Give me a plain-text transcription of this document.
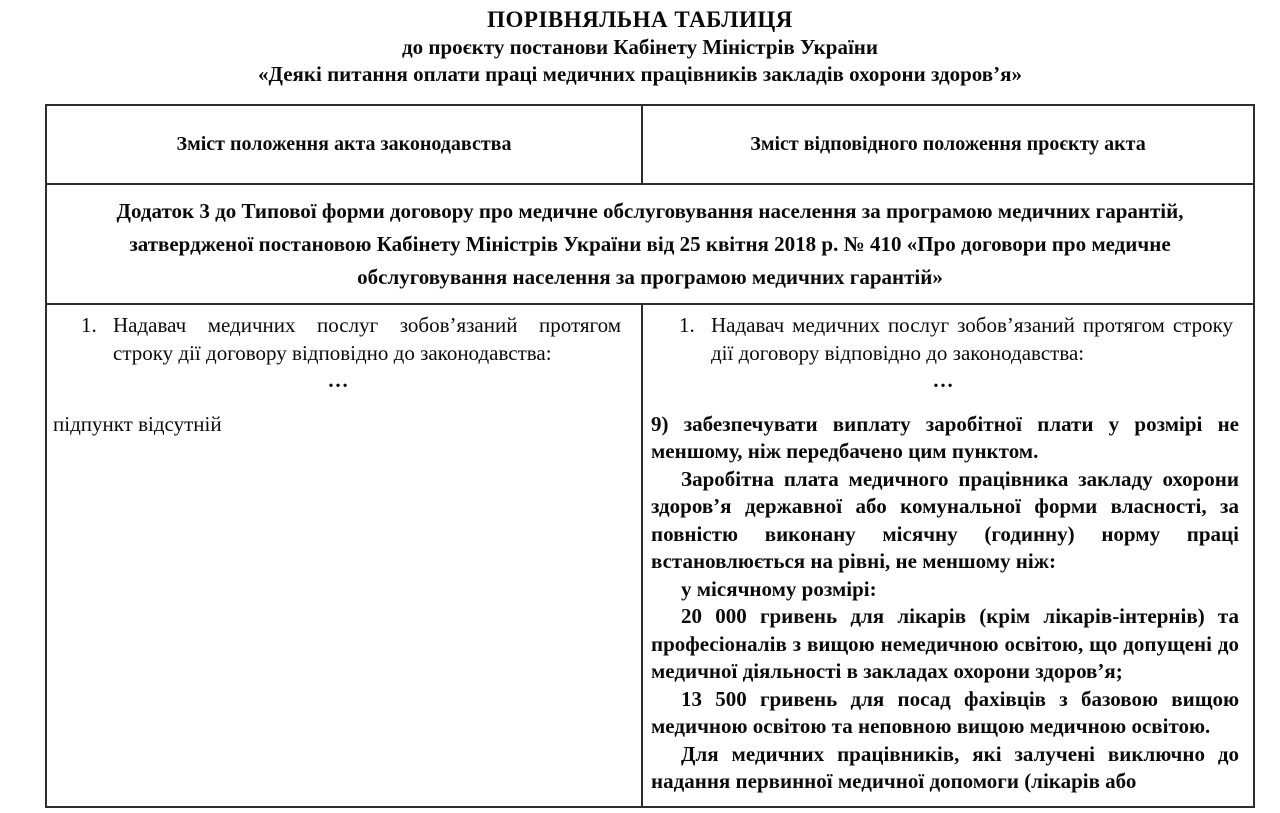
ПОРІВНЯЛЬНА ТАБЛИЦЯ
до проєкту постанови Кабінету Міністрів України
«Деякі питання оплати праці медичних працівників закладів охорони здоров’я»
Зміст положення акта законодавства	Зміст відповідного положення проєкту акта
Додаток 3 до Типової форми договору про медичне обслуговування населення за програмою медичних гарантій, затвердженої постановою Кабінету Міністрів України від 25 квітня 2018 р. № 410 «Про договори про медичне обслуговування населення за програмою медичних гарантій»
1. Надавач медичних послуг зобов’язаний протягом строку дії договору відповідно до законодавства:
…
підпункт відсутній
1. Надавач медичних послуг зобов’язаний протягом строку дії договору відповідно до законодавства:
…

9) забезпечувати виплату заробітної плати у розмірі не меншому, ніж передбачено цим пунктом.

Заробітна плата медичного працівника закладу охорони здоров’я державної або комунальної форми власності, за повністю виконану місячну (годинну) норму праці встановлюється на рівні, не меншому ніж:

у місячному розмірі:

20 000 гривень для лікарів (крім лікарів-інтернів) та професіоналів з вищою немедичною освітою, що допущені до медичної діяльності в закладах охорони здоров’я;

13 500 гривень для посад фахівців з базовою вищою медичною освітою та неповною вищою медичною освітою.

Для медичних працівників, які залучені виключно до надання первинної медичної допомоги (лікарів або
